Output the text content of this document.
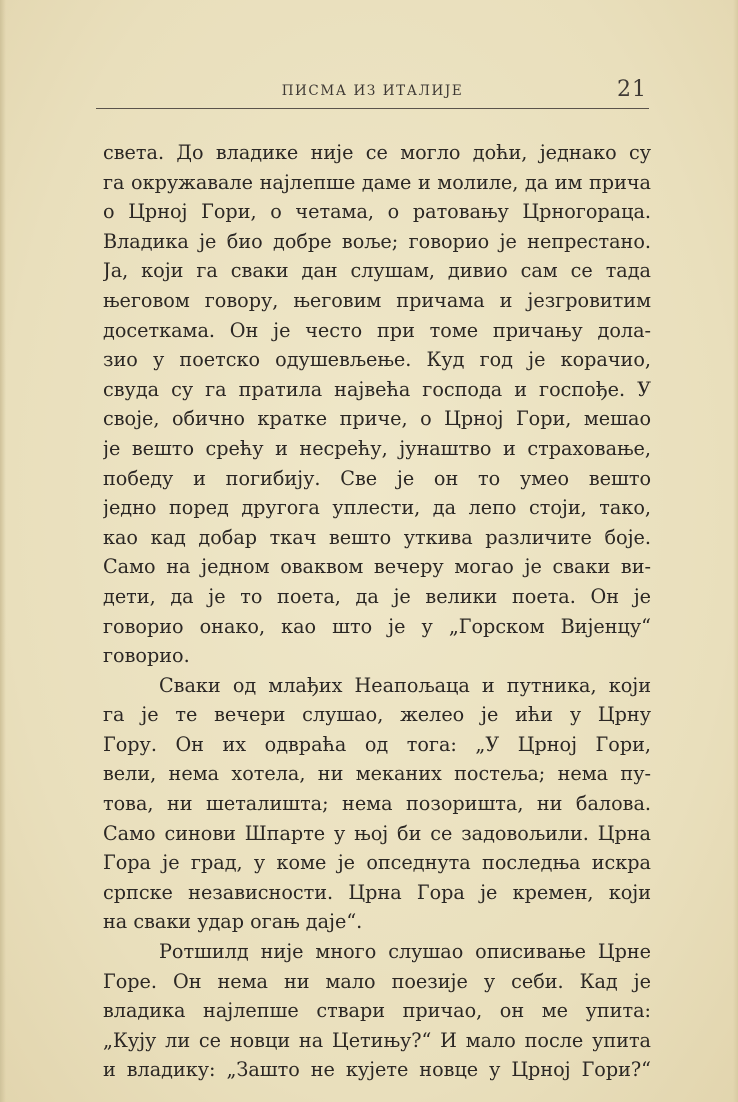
ПИСМА ИЗ ИТАЛИЈЕ	21
света. До владике није се могло доћи, једнако су
га окружавале најлепше даме и молиле, да им прича
о Црној Гори, о четама, о ратовању Црногораца.
Владика је био добре воље; говорио је непрестано.
Ја, који га сваки дан слушам, дивио сам се тада
његовом говору, његовим причама и језгровитим
досеткама. Он је често при томе причању дола-
зио у поетско одушевљење. Куд год је корачио,
свуда су га пратила највећа господа и госпође. У
своје, обично кратке приче, о Црној Гори, мешао
је вешто срећу и несрећу, јунаштво и страховање,
победу и погибију. Све је он то умео вешто
једно поред другога уплести, да лепо стоји, тако,
као кад добар ткач вешто уткива различите боје.
Само на једном оваквом вечеру могао је сваки ви-
дети, да је то поета, да је велики поета. Он је
говорио онако, као што је у „Горском Вијенцу“
говорио.
Сваки од млађих Неапољаца и путника, који
га је те вечери слушао, желео је ићи у Црну
Гору. Он их одвраћа од тога: „У Црној Гори,
вели, нема хотела, ни меканих постеља; нема пу-
това, ни шеталишта; нема позоришта, ни балова.
Само синови Шпарте у њој би се задовољили. Црна
Гора је град, у коме је опседнута последња искра
српске независности. Црна Гора је кремен, који
на сваки удар огањ даје“.
Ротшилд није много слушао описивање Црне
Горе. Он нема ни мало поезије у себи. Кад је
владика најлепше ствари причао, он ме упита:
„Кују ли се новци на Цетињу?“ И мало после упита
и владику: „Зашто не кујете новце у Црној Гори?“
